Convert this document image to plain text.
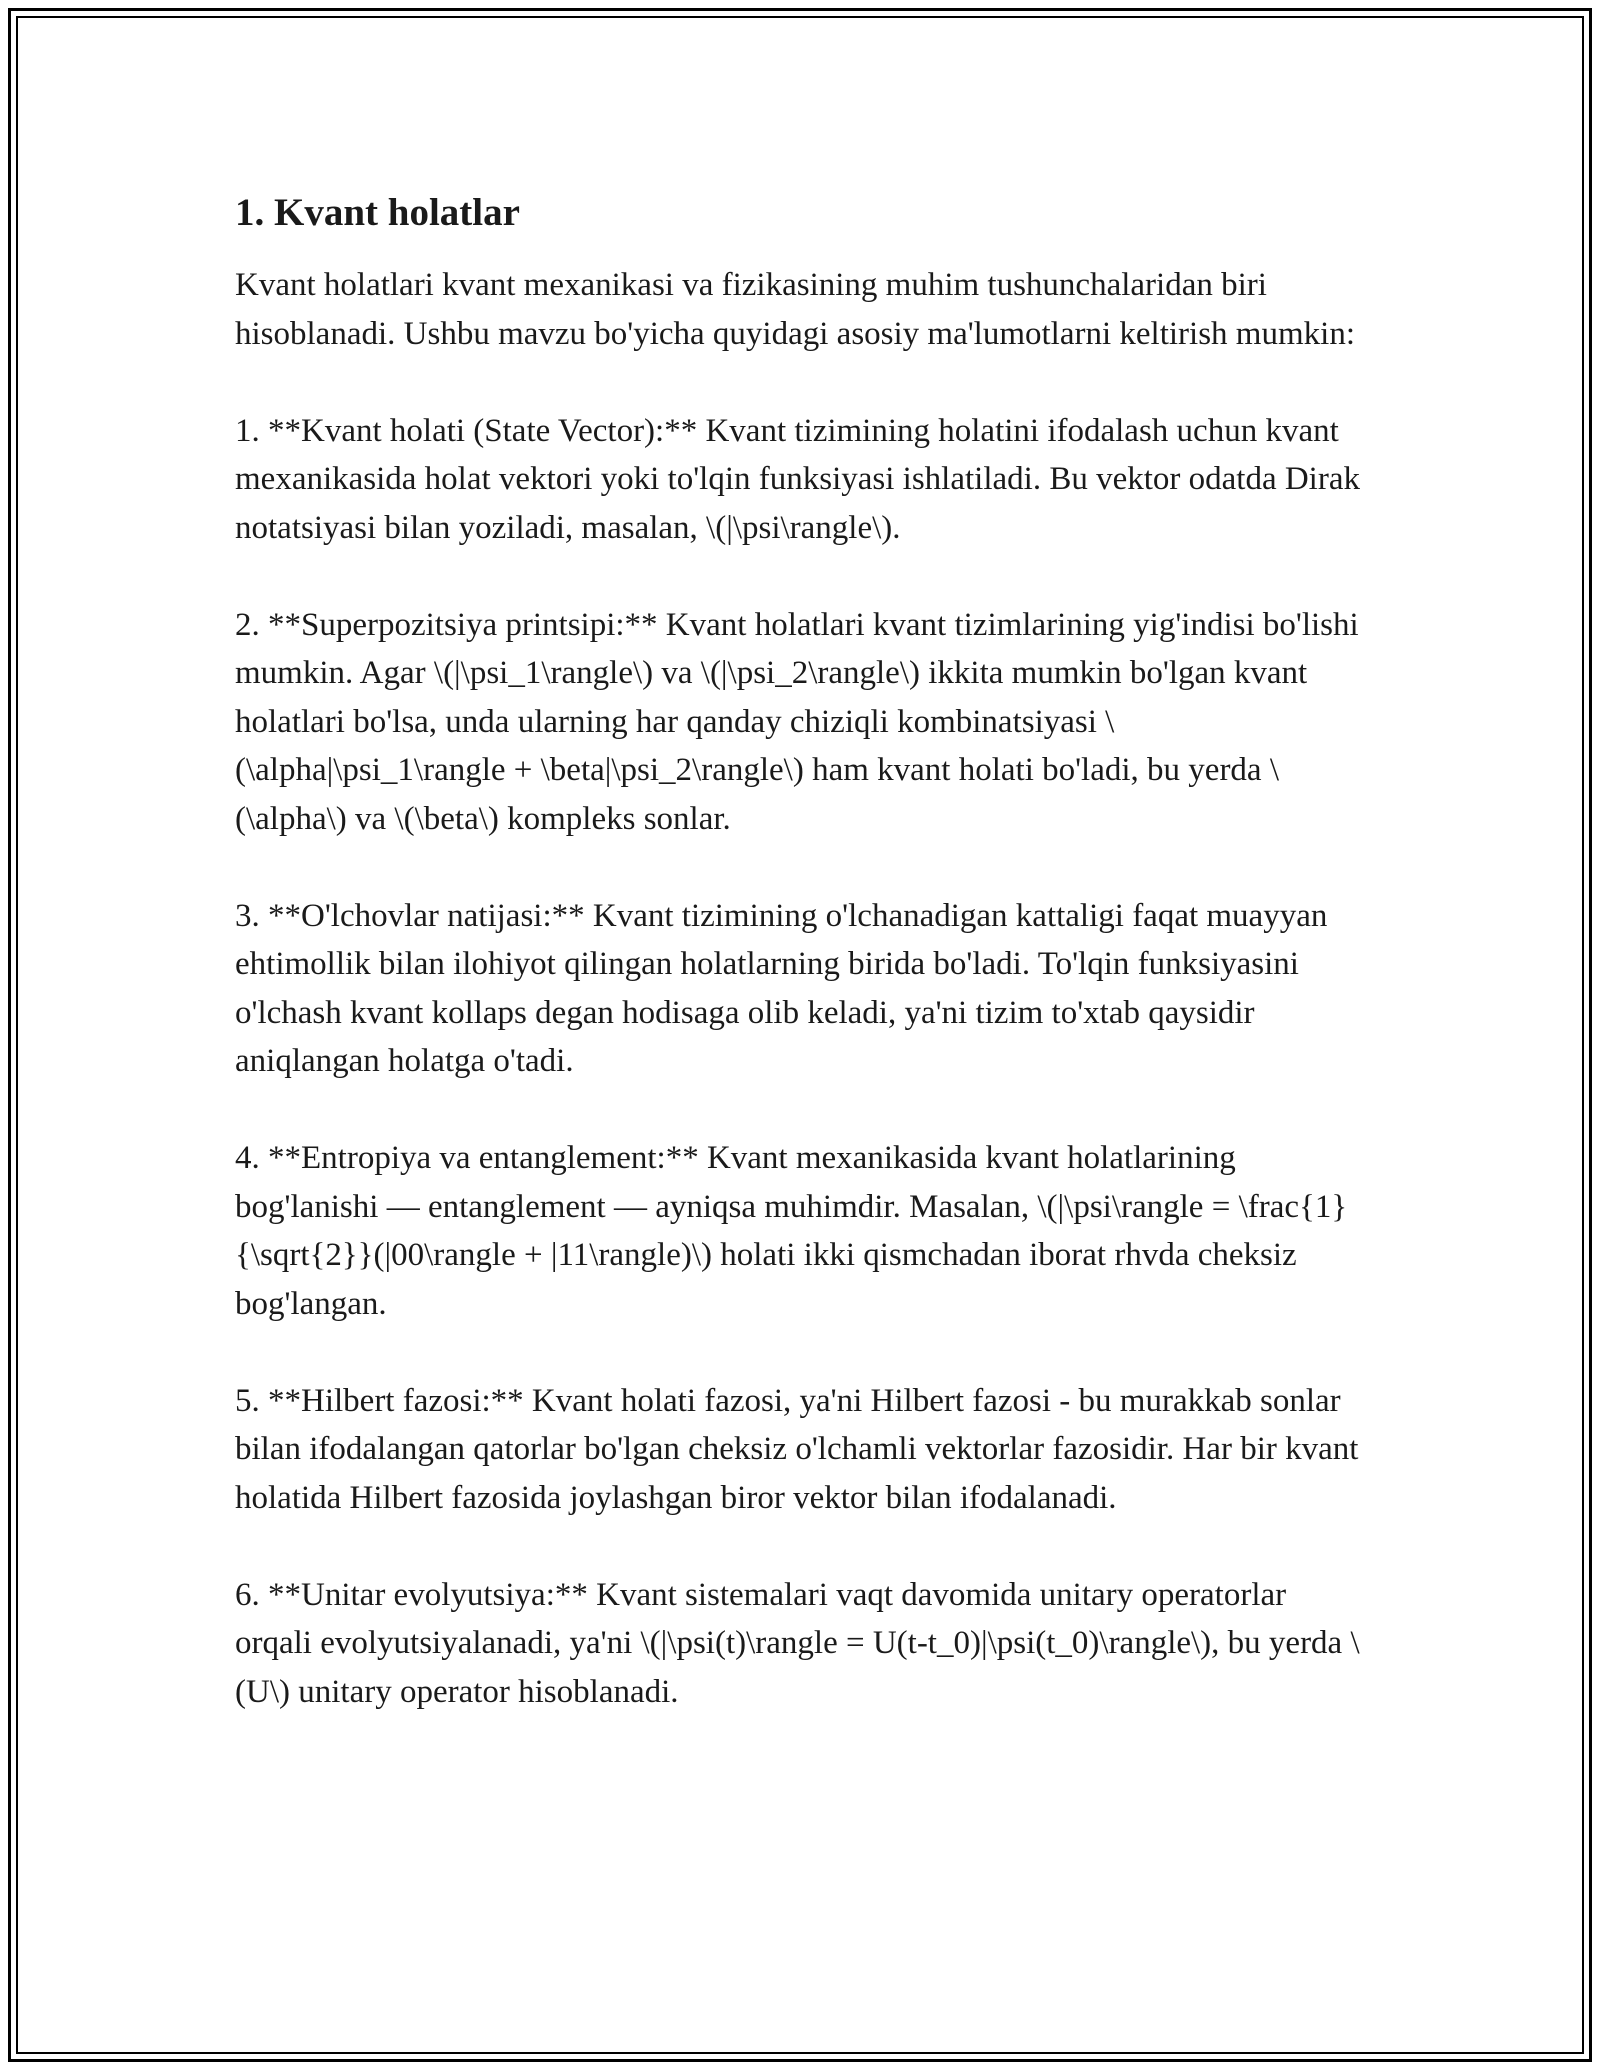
1. Kvant holatlar

Kvant holatlari kvant mexanikasi va fizikasining muhim tushunchalaridan biri hisoblanadi. Ushbu mavzu bo'yicha quyidagi asosiy ma'lumotlarni keltirish mumkin:

1. **Kvant holati (State Vector):** Kvant tizimining holatini ifodalash uchun kvant mexanikasida holat vektori yoki to'lqin funksiyasi ishlatiladi. Bu vektor odatda Dirak notatsiyasi bilan yoziladi, masalan, \(|\psi\rangle\).

2. **Superpozitsiya printsipi:** Kvant holatlari kvant tizimlarining yig'indisi bo'lishi mumkin. Agar \(|\psi_1\rangle\) va \(|\psi_2\rangle\) ikkita mumkin bo'lgan kvant holatlari bo'lsa, unda ularning har qanday chiziqli kombinatsiyasi \(\alpha|\psi_1\rangle + \beta|\psi_2\rangle\) ham kvant holati bo'ladi, bu yerda \(\alpha\) va \(\beta\) kompleks sonlar.

3. **O'lchovlar natijasi:** Kvant tizimining o'lchanadigan kattaligi faqat muayyan ehtimollik bilan ilohiyot qilingan holatlarning birida bo'ladi. To'lqin funksiyasini o'lchash kvant kollaps degan hodisaga olib keladi, ya'ni tizim to'xtab qaysidir aniqlangan holatga o'tadi.

4. **Entropiya va entanglement:** Kvant mexanikasida kvant holatlarining bog'lanishi — entanglement — ayniqsa muhimdir. Masalan, \(|\psi\rangle = \frac{1}{\sqrt{2}}(|00\rangle + |11\rangle)\) holati ikki qismchadan iborat rhvda cheksiz bog'langan.

5. **Hilbert fazosi:** Kvant holati fazosi, ya'ni Hilbert fazosi - bu murakkab sonlar bilan ifodalangan qatorlar bo'lgan cheksiz o'lchamli vektorlar fazosidir. Har bir kvant holatida Hilbert fazosida joylashgan biror vektor bilan ifodalanadi.

6. **Unitar evolyutsiya:** Kvant sistemalari vaqt davomida unitary operatorlar orqali evolyutsiyalanadi, ya'ni \(|\psi(t)\rangle = U(t-t_0)|\psi(t_0)\rangle\), bu yerda \(U\) unitary operator hisoblanadi.
